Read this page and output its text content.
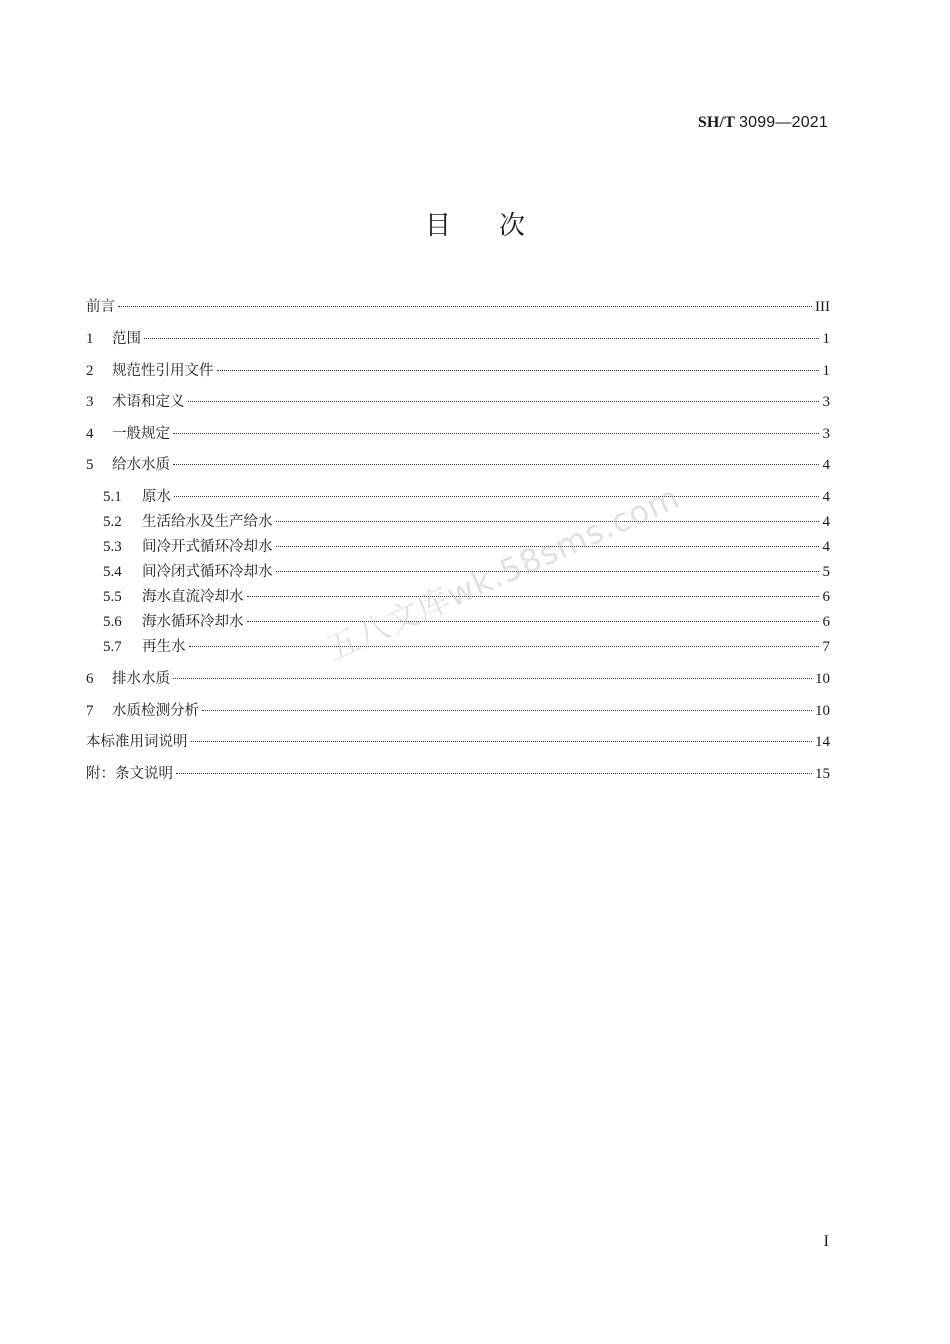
SH/T 3099—2021
目次
前言	III
1	范围	1
2	规范性引用文件	1
3	术语和定义	3
4	一般规定	3
5	给水水质	4
5.1	原水	4
5.2	生活给水及生产给水	4
5.3	间冷开式循环冷却水	4
5.4	间冷闭式循环冷却水	5
5.5	海水直流冷却水	6
5.6	海水循环冷却水	6
5.7	再生水	7
6	排水水质	10
7	水质检测分析	10
本标准用词说明	14
附：条文说明	15
五八文库wk.58sms.com
I
